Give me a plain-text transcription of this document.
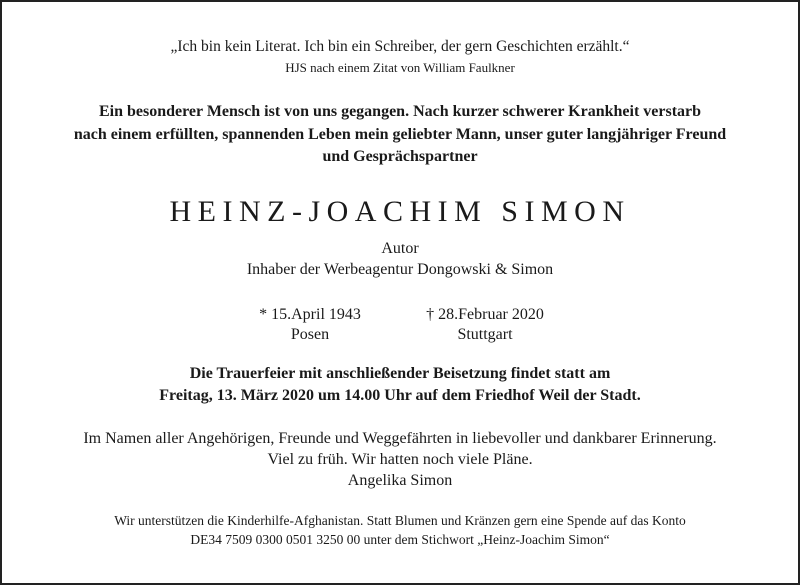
„Ich bin kein Literat. Ich bin ein Schreiber, der gern Geschichten erzählt.“
HJS nach einem Zitat von William Faulkner
Ein besonderer Mensch ist von uns gegangen. Nach kurzer schwerer Krankheit verstarb
nach einem erfüllten, spannenden Leben mein geliebter Mann, unser guter langjähriger Freund
und Gesprächspartner
HEINZ-JOACHIM SIMON
Autor
Inhaber der Werbeagentur Dongowski & Simon
* 15.April 1943
Posen
† 28.Februar 2020
Stuttgart
Die Trauerfeier mit anschließender Beisetzung findet statt am
Freitag, 13. März 2020 um 14.00 Uhr auf dem Friedhof Weil der Stadt.
Im Namen aller Angehörigen, Freunde und Weggefährten in liebevoller und dankbarer Erinnerung.
Viel zu früh. Wir hatten noch viele Pläne.
Angelika Simon
Wir unterstützen die Kinderhilfe-Afghanistan. Statt Blumen und Kränzen gern eine Spende auf das Konto
DE34 7509 0300 0501 3250 00 unter dem Stichwort „Heinz-Joachim Simon“
